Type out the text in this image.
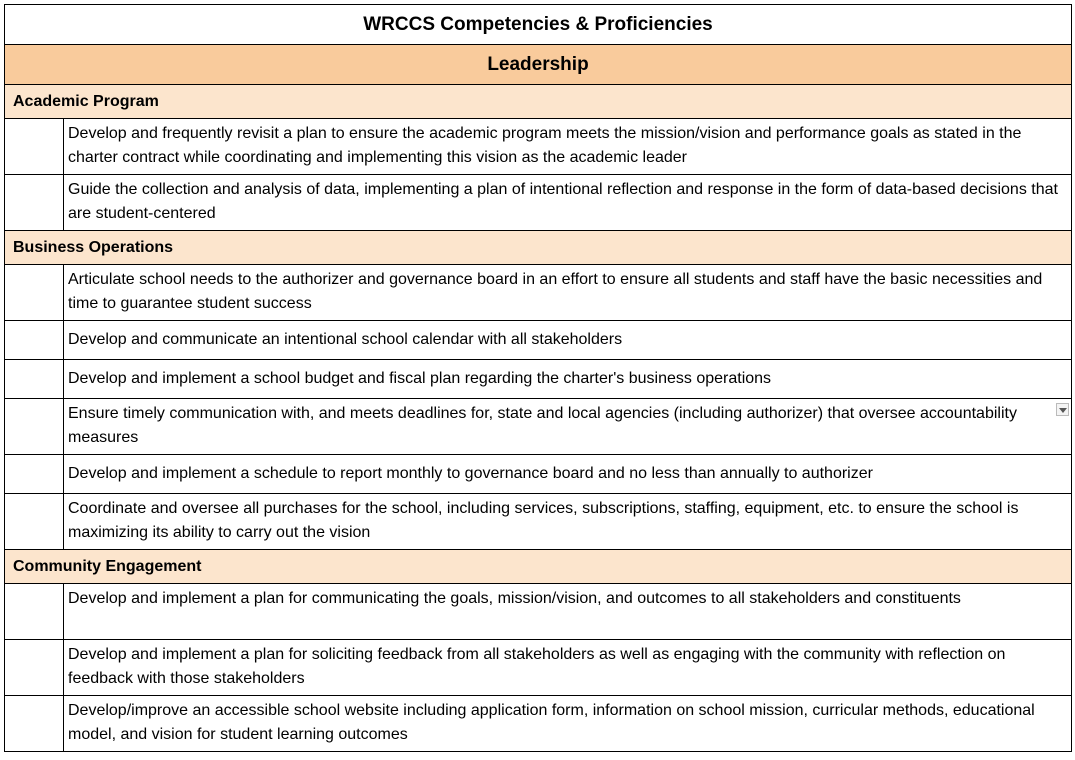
WRCCS Competencies & Proficiencies
Leadership
Academic Program
Develop and frequently revisit a plan to ensure the academic program meets the mission/vision and performance goals as stated in the charter contract while coordinating and implementing this vision as the academic leader
Guide the collection and analysis of data, implementing a plan of intentional reflection and response in the form of data-based decisions that are student-centered
Business Operations
Articulate school needs to the authorizer and governance board in an effort to ensure all students and staff have the basic necessities and time to guarantee student success
Develop and communicate an intentional school calendar with all stakeholders
Develop and implement a school budget and fiscal plan regarding the charter's business operations
Ensure timely communication with, and meets deadlines for, state and local agencies (including authorizer) that oversee accountability measures
Develop and implement a schedule to report monthly to governance board and no less than annually to authorizer
Coordinate and oversee all purchases for the school, including services, subscriptions, staffing, equipment, etc. to ensure the school is maximizing its ability to carry out the vision
Community Engagement
Develop and implement a plan for communicating the goals, mission/vision, and outcomes to all stakeholders and constituents
Develop and implement a plan for soliciting feedback from all stakeholders as well as engaging with the community with reflection on feedback with those stakeholders
Develop/improve an accessible school website including application form, information on school mission, curricular methods, educational model, and vision for student learning outcomes
